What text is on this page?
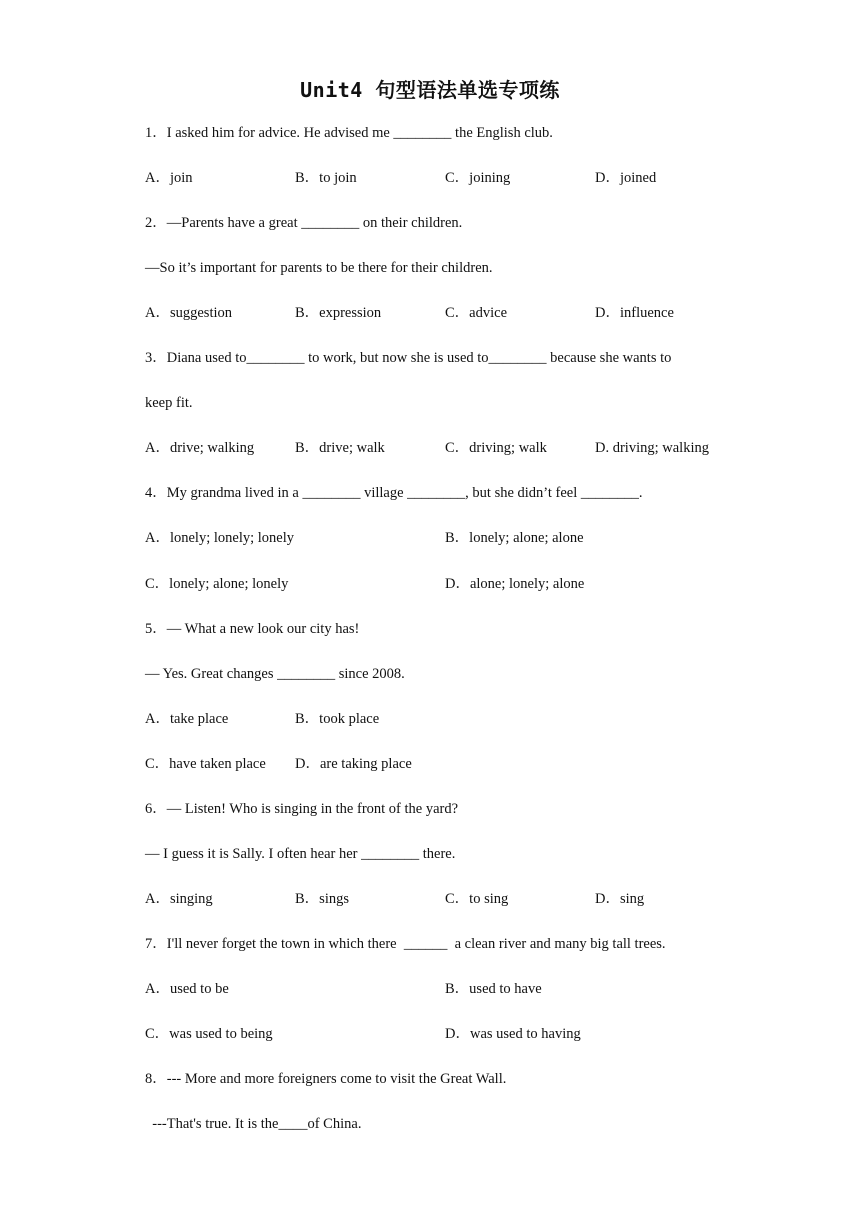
Unit4 句型语法单选专项练
1．I asked him for advice. He advised me ________ the English club.
A．join	B．to join	C．joining	D．joined
2．—Parents have a great ________ on their children.
—So it’s important for parents to be there for their children.
A．suggestion	B．expression	C．advice	D．influence
3．Diana used to________ to work, but now she is used to________ because she wants to
keep fit.
A．drive; walking	B．drive; walk	C．driving; walk	D. driving; walking
4．My grandma lived in a ________ village ________, but she didn’t feel ________.
A．lonely; lonely; lonely	B．lonely; alone; alone
C．lonely; alone; lonely	D．alone; lonely; alone
5．— What a new look our city has!
— Yes. Great changes ________ since 2008.
A．take place	B．took place
C．have taken place D．are taking place
6．— Listen! Who is singing in the front of the yard?
— I guess it is Sally. I often hear her ________ there.
A．singing	B．sings	C．to sing	D．sing
7．I'll never forget the town in which there  ______  a clean river and many big tall trees.
A．used to be	B．used to have
C．was used to being	D．was used to having
8．--- More and more foreigners come to visit the Great Wall.
---That's true. It is the____of China.
